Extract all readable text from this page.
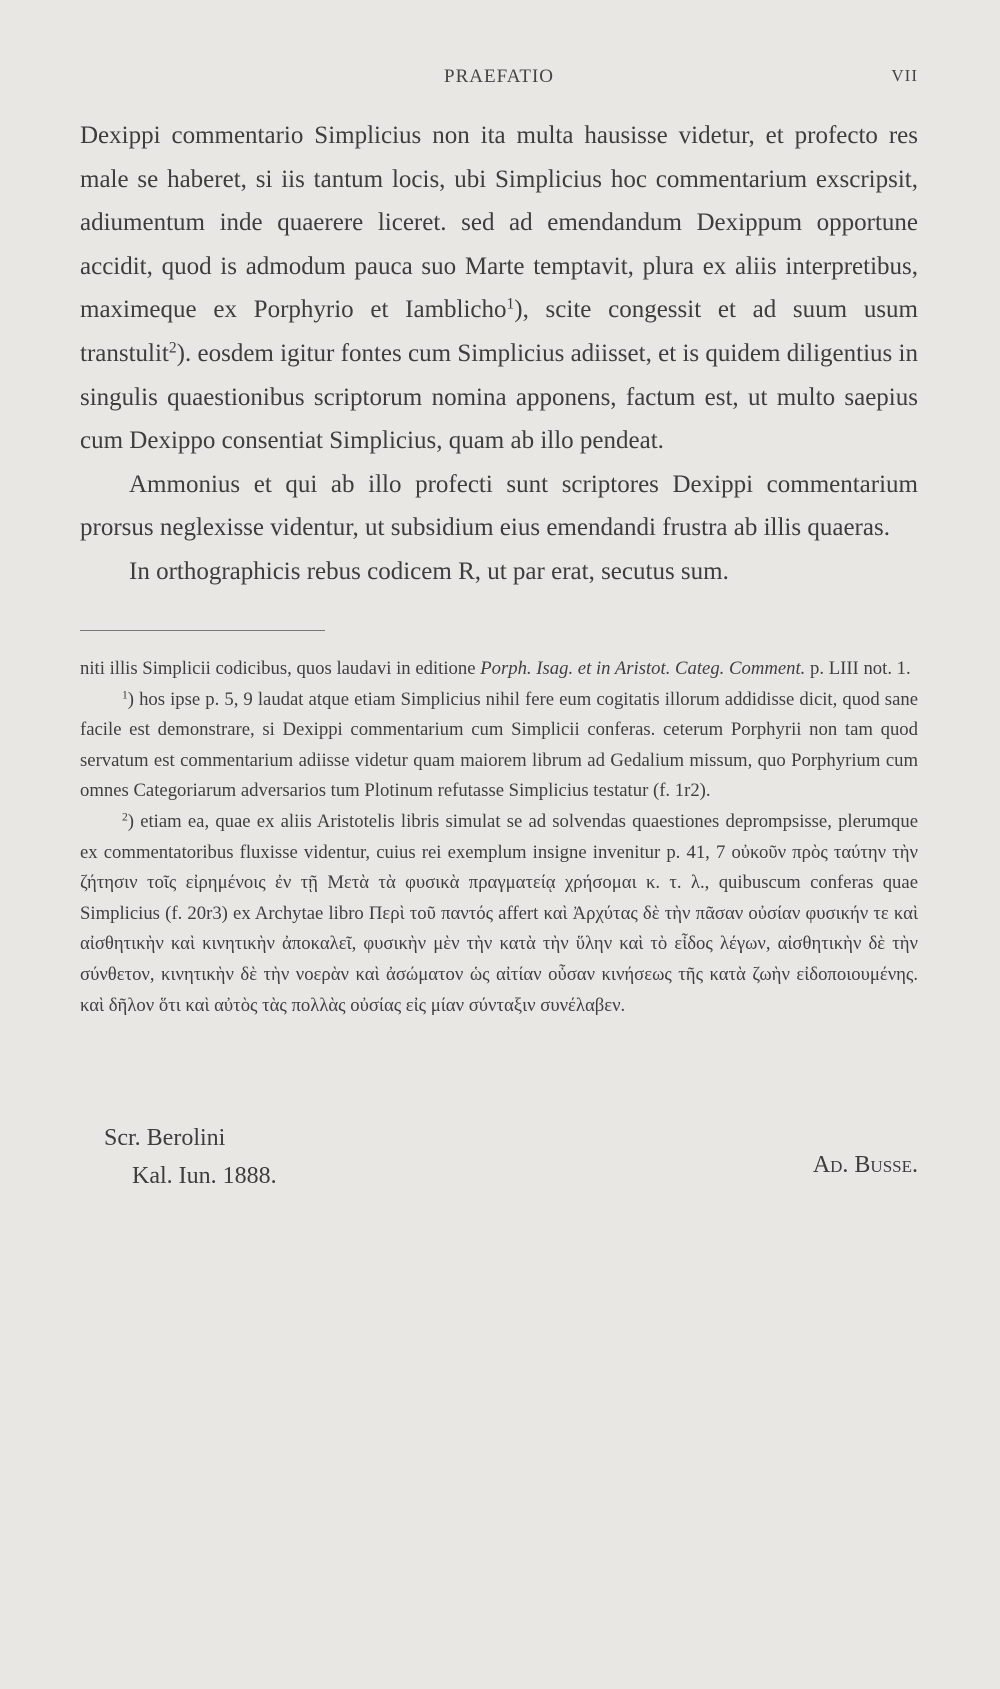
PRAEFATIO	VII

Dexippi commentario Simplicius non ita multa hausisse videtur, et profecto res male se haberet, si iis tantum locis, ubi Simplicius hoc commentarium exscripsit, adiumentum inde quaerere liceret. sed ad emendandum Dexippum opportune accidit, quod is admodum pauca suo Marte temptavit, plura ex aliis interpretibus, maximeque ex Porphyrio et Iamblicho$^1$), scite congessit et ad suum usum transtulit$^2$). eosdem igitur fontes cum Simplicius adiisset, et is quidem diligentius in singulis quaestionibus scriptorum nomina apponens, factum est, ut multo saepius cum Dexippo consentiat Simplicius, quam ab illo pendeat.

Ammonius et qui ab illo profecti sunt scriptores Dexippi commentarium prorsus neglexisse videntur, ut subsidium eius emendandi frustra ab illis quaeras.

In orthographicis rebus codicem R, ut par erat, secutus sum.

niti illis Simplicii codicibus, quos laudavi in editione Porph. Isag. et in Aristot. Categ. Comment. p. LIII not. 1.

$^1$) hos ipse p. 5, 9 laudat atque etiam Simplicius nihil fere eum cogitatis illorum addidisse dicit, quod sane facile est demonstrare, si Dexippi commentarium cum Simplicii conferas. ceterum Porphyrii non tam quod servatum est commentarium adiisse videtur quam maiorem librum ad Gedalium missum, quo Porphyrium cum omnes Categoriarum adversarios tum Plotinum refutasse Simplicius testatur (f. 1r2).

$^2$) etiam ea, quae ex aliis Aristotelis libris simulat se ad solvendas quaestiones deprompsisse, plerumque ex commentatoribus fluxisse videntur, cuius rei exemplum insigne invenitur p. 41, 7 οὐκοῦν πρὸς ταύτην τὴν ζήτησιν τοῖς εἰρημένοις ἐν τῇ Μετὰ τὰ φυσικὰ πραγματείᾳ χρήσομαι κ. τ. λ., quibuscum conferas quae Simplicius (f. 20r3) ex Archytae libro Περὶ τοῦ παντός affert καὶ Ἀρχύτας δὲ τὴν πᾶσαν οὐσίαν φυσικήν τε καὶ αἰσθητικὴν καὶ κινητικὴν ἀποκαλεῖ, φυσικὴν μὲν τὴν κατὰ τὴν ὕλην καὶ τὸ εἶδος λέγων, αἰσθητικὴν δὲ τὴν σύνθετον, κινητικὴν δὲ τὴν νοερὰν καὶ ἀσώματον ὡς αἰτίαν οὖσαν κινήσεως τῆς κατὰ ζωὴν εἰδοποιουμένης. καὶ δῆλον ὅτι καὶ αὐτὸς τὰς πολλὰς οὐσίας εἰς μίαν σύνταξιν συνέλαβεν.

Scr. Berolini
Kal. Iun. 1888.	Ad. Busse.
